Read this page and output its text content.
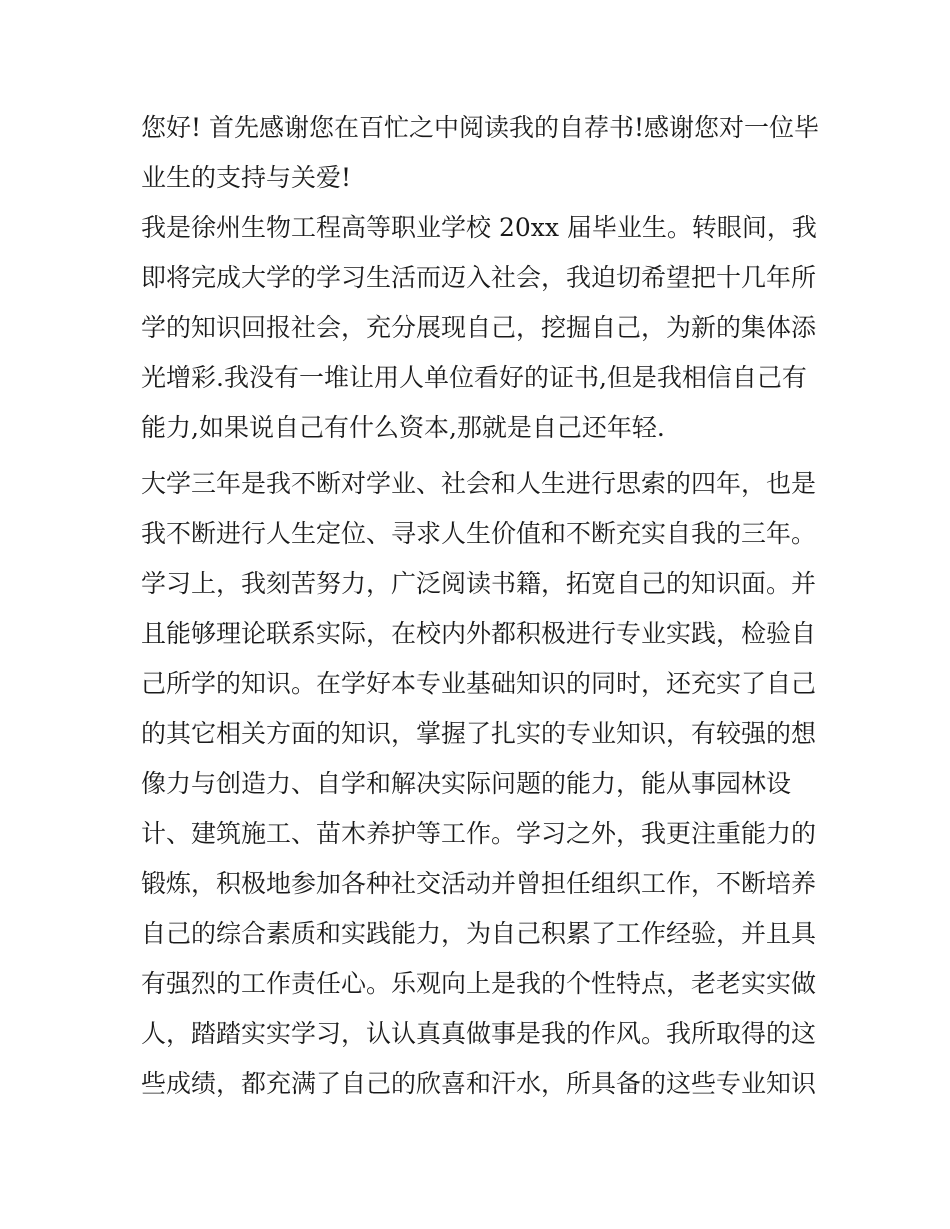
您好! 首先感谢您在百忙之中阅读我的自荐书!感谢您对一位毕
业生的支持与关爱!
我是徐州生物工程高等职业学校 20xx 届毕业生。转眼间，我
即将完成大学的学习生活而迈入社会，我迫切希望把十几年所
学的知识回报社会，充分展现自己，挖掘自己，为新的集体添
光增彩.我没有一堆让用人单位看好的证书,但是我相信自己有
能力,如果说自己有什么资本,那就是自己还年轻.
大学三年是我不断对学业、社会和人生进行思索的四年，也是
我不断进行人生定位、寻求人生价值和不断充实自我的三年。
学习上，我刻苦努力，广泛阅读书籍，拓宽自己的知识面。并
且能够理论联系实际，在校内外都积极进行专业实践，检验自
己所学的知识。在学好本专业基础知识的同时，还充实了自己
的其它相关方面的知识，掌握了扎实的专业知识，有较强的想
像力与创造力、自学和解决实际问题的能力，能从事园林设
计、建筑施工、苗木养护等工作。学习之外，我更注重能力的
锻炼，积极地参加各种社交活动并曾担任组织工作，不断培养
自己的综合素质和实践能力，为自己积累了工作经验，并且具
有强烈的工作责任心。乐观向上是我的个性特点，老老实实做
人，踏踏实实学习，认认真真做事是我的作风。我所取得的这
些成绩，都充满了自己的欣喜和汗水，所具备的这些专业知识
